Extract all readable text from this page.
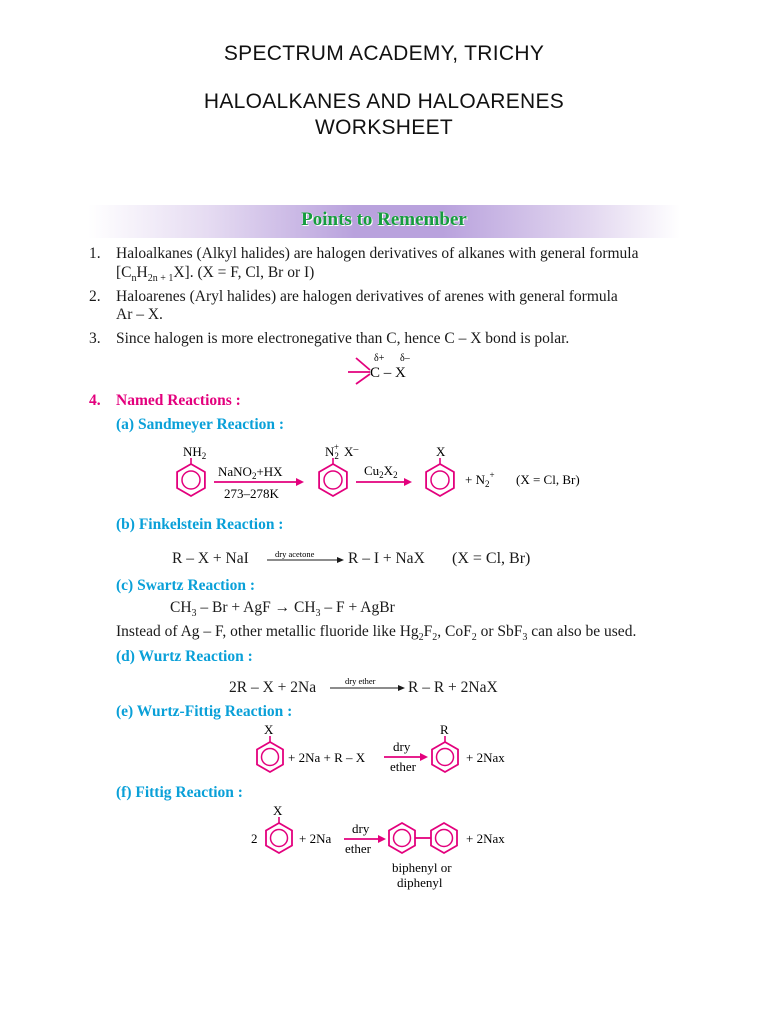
SPECTRUM ACADEMY, TRICHY
HALOALKANES AND HALOARENES
WORKSHEET
Points to Remember
1. Haloalkanes (Alkyl halides) are halogen derivatives of alkanes with general formula
$[C_nH_{2n + 1}X]$. (X = F, Cl, Br or I)
2. Haloarenes (Aryl halides) are halogen derivatives of arenes with general formula
Ar – X.
3. Since halogen is more electronegative than C, hence C – X bond is polar.
δ+ δ–
C – X
4. Named Reactions :
(a) Sandmeyer Reaction :
$NH_2$
NaNO$_2$+HX
273–278K
$N_2+ X^-$
$Cu_2X_2$
X
+ $N_2^+$ (X = Cl, Br)
(b) Finkelstein Reaction :
R – X + NaI	dry acetone R – I + NaX (X = Cl, Br)
(c) Swartz Reaction :
$CH_3$ – Br + AgF → $CH_3$ – F + AgBr
Instead of Ag – F, other metallic fluoride like $Hg_2F_2$, CoF$_2$ or SbF$_3$ can also be used.
(d) Wurtz Reaction :
2R – X + 2Na	dry ether R – R + 2NaX
(e) Wurtz-Fittig Reaction :
X
+ 2Na + R – X
dry
ether
R
+ 2Nax
(f) Fittig Reaction :
2
X
+ 2Na
dry
ether
+ 2Nax
biphenyl or
diphenyl
